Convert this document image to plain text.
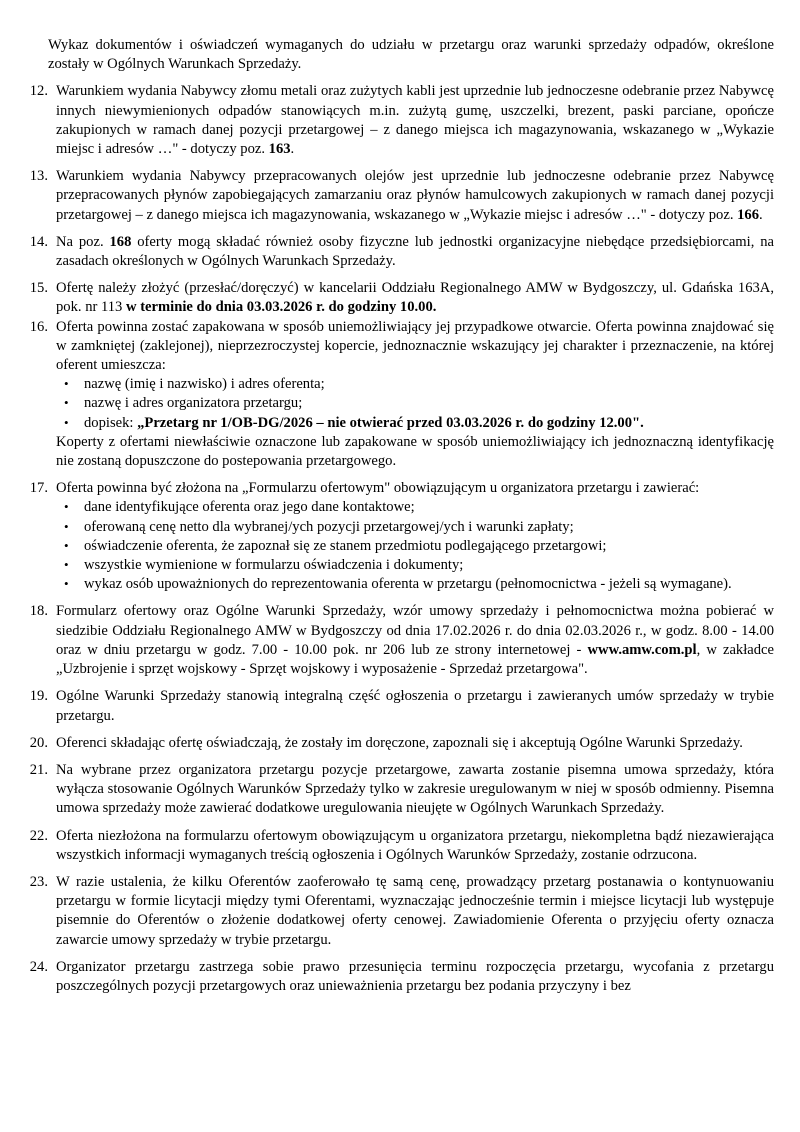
Wykaz dokumentów i oświadczeń wymaganych do udziału w przetargu oraz warunki sprzedaży odpadów, określone zostały w Ogólnych Warunkach Sprzedaży.

12. Warunkiem wydania Nabywcy złomu metali oraz zużytych kabli jest uprzednie lub jednoczesne odebranie przez Nabywcę innych niewymienionych odpadów stanowiących m.in. zużytą gumę, uszczelki, brezent, paski parciane, opończe zakupionych w ramach danej pozycji przetargowej – z danego miejsca ich magazynowania, wskazanego w „Wykazie miejsc i adresów …" - dotyczy poz. 163.
13. Warunkiem wydania Nabywcy przepracowanych olejów jest uprzednie lub jednoczesne odebranie przez Nabywcę przepracowanych płynów zapobiegających zamarzaniu oraz płynów hamulcowych zakupionych w ramach danej pozycji przetargowej – z danego miejsca ich magazynowania, wskazanego w „Wykazie miejsc i adresów …" - dotyczy poz. 166.
14. Na poz. 168 oferty mogą składać również osoby fizyczne lub jednostki organizacyjne niebędące przedsiębiorcami, na zasadach określonych w Ogólnych Warunkach Sprzedaży.
15. Ofertę należy złożyć (przesłać/doręczyć) w kancelarii Oddziału Regionalnego AMW w Bydgoszczy, ul. Gdańska 163A, pok. nr 113 w terminie do dnia 03.03.2026 r. do godziny 10.00.
16. Oferta powinna zostać zapakowana w sposób uniemożliwiający jej przypadkowe otwarcie. Oferta powinna znajdować się w zamkniętej (zaklejonej), nieprzezroczystej kopercie, jednoznacznie wskazujący jej charakter i przeznaczenie, na której oferent umieszcza:

• nazwę (imię i nazwisko) i adres oferenta;
• nazwę i adres organizatora przetargu;
• dopisek: „Przetarg nr 1/OB-DG/2026 – nie otwierać przed 03.03.2026 r. do godziny 12.00".

Koperty z ofertami niewłaściwie oznaczone lub zapakowane w sposób uniemożliwiający ich jednoznaczną identyfikację nie zostaną dopuszczone do postepowania przetargowego.

17. Oferta powinna być złożona na „Formularzu ofertowym" obowiązującym u organizatora przetargu i zawierać:

• dane identyfikujące oferenta oraz jego dane kontaktowe;
• oferowaną cenę netto dla wybranej/ych pozycji przetargowej/ych i warunki zapłaty;
• oświadczenie oferenta, że zapoznał się ze stanem przedmiotu podlegającego przetargowi;
• wszystkie wymienione w formularzu oświadczenia i dokumenty;
• wykaz osób upoważnionych do reprezentowania oferenta w przetargu (pełnomocnictwa - jeżeli są wymagane).
18. Formularz ofertowy oraz Ogólne Warunki Sprzedaży, wzór umowy sprzedaży i pełnomocnictwa można pobierać w siedzibie Oddziału Regionalnego AMW w Bydgoszczy od dnia 17.02.2026 r. do dnia 02.03.2026 r., w godz. 8.00 - 14.00 oraz w dniu przetargu w godz. 7.00 - 10.00 pok. nr 206 lub ze strony internetowej - www.amw.com.pl, w zakładce „Uzbrojenie i sprzęt wojskowy - Sprzęt wojskowy i wyposażenie - Sprzedaż przetargowa".
19. Ogólne Warunki Sprzedaży stanowią integralną część ogłoszenia o przetargu i zawieranych umów sprzedaży w trybie przetargu.
20. Oferenci składając ofertę oświadczają, że zostały im doręczone, zapoznali się i akceptują Ogólne Warunki Sprzedaży.
21. Na wybrane przez organizatora przetargu pozycje przetargowe, zawarta zostanie pisemna umowa sprzedaży, która wyłącza stosowanie Ogólnych Warunków Sprzedaży tylko w zakresie uregulowanym w niej w sposób odmienny. Pisemna umowa sprzedaży może zawierać dodatkowe uregulowania nieujęte w Ogólnych Warunkach Sprzedaży.
22. Oferta niezłożona na formularzu ofertowym obowiązującym u organizatora przetargu, niekompletna bądź niezawierająca wszystkich informacji wymaganych treścią ogłoszenia i Ogólnych Warunków Sprzedaży, zostanie odrzucona.
23. W razie ustalenia, że kilku Oferentów zaoferowało tę samą cenę, prowadzący przetarg postanawia o kontynuowaniu przetargu w formie licytacji między tymi Oferentami, wyznaczając jednocześnie termin i miejsce licytacji lub występuje pisemnie do Oferentów o złożenie dodatkowej oferty cenowej. Zawiadomienie Oferenta o przyjęciu oferty oznacza zawarcie umowy sprzedaży w trybie przetargu.
24. Organizator przetargu zastrzega sobie prawo przesunięcia terminu rozpoczęcia przetargu, wycofania z przetargu poszczególnych pozycji przetargowych oraz unieważnienia przetargu bez podania przyczyny i bez
